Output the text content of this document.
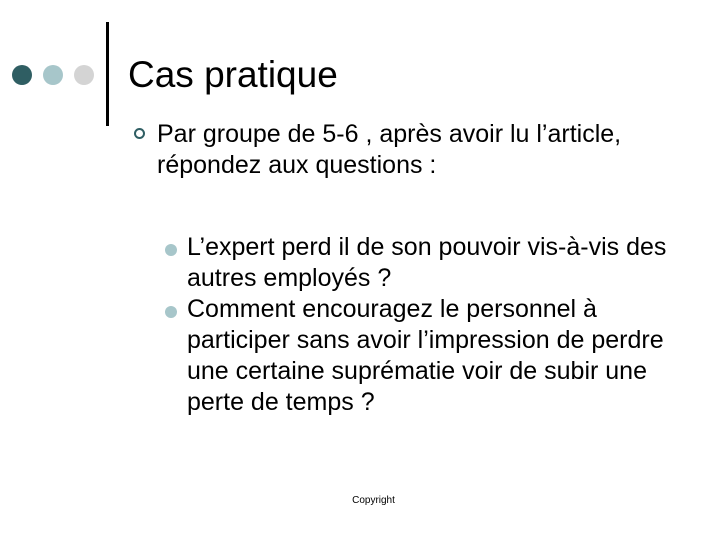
Cas pratique
Par groupe de 5-6 , après avoir lu l’article, répondez aux questions :
L’expert perd il de son pouvoir vis-à-vis des autres employés ?
Comment encouragez le personnel à participer sans avoir l’impression de perdre une certaine suprématie voir de subir une perte de temps ?
Copyright
